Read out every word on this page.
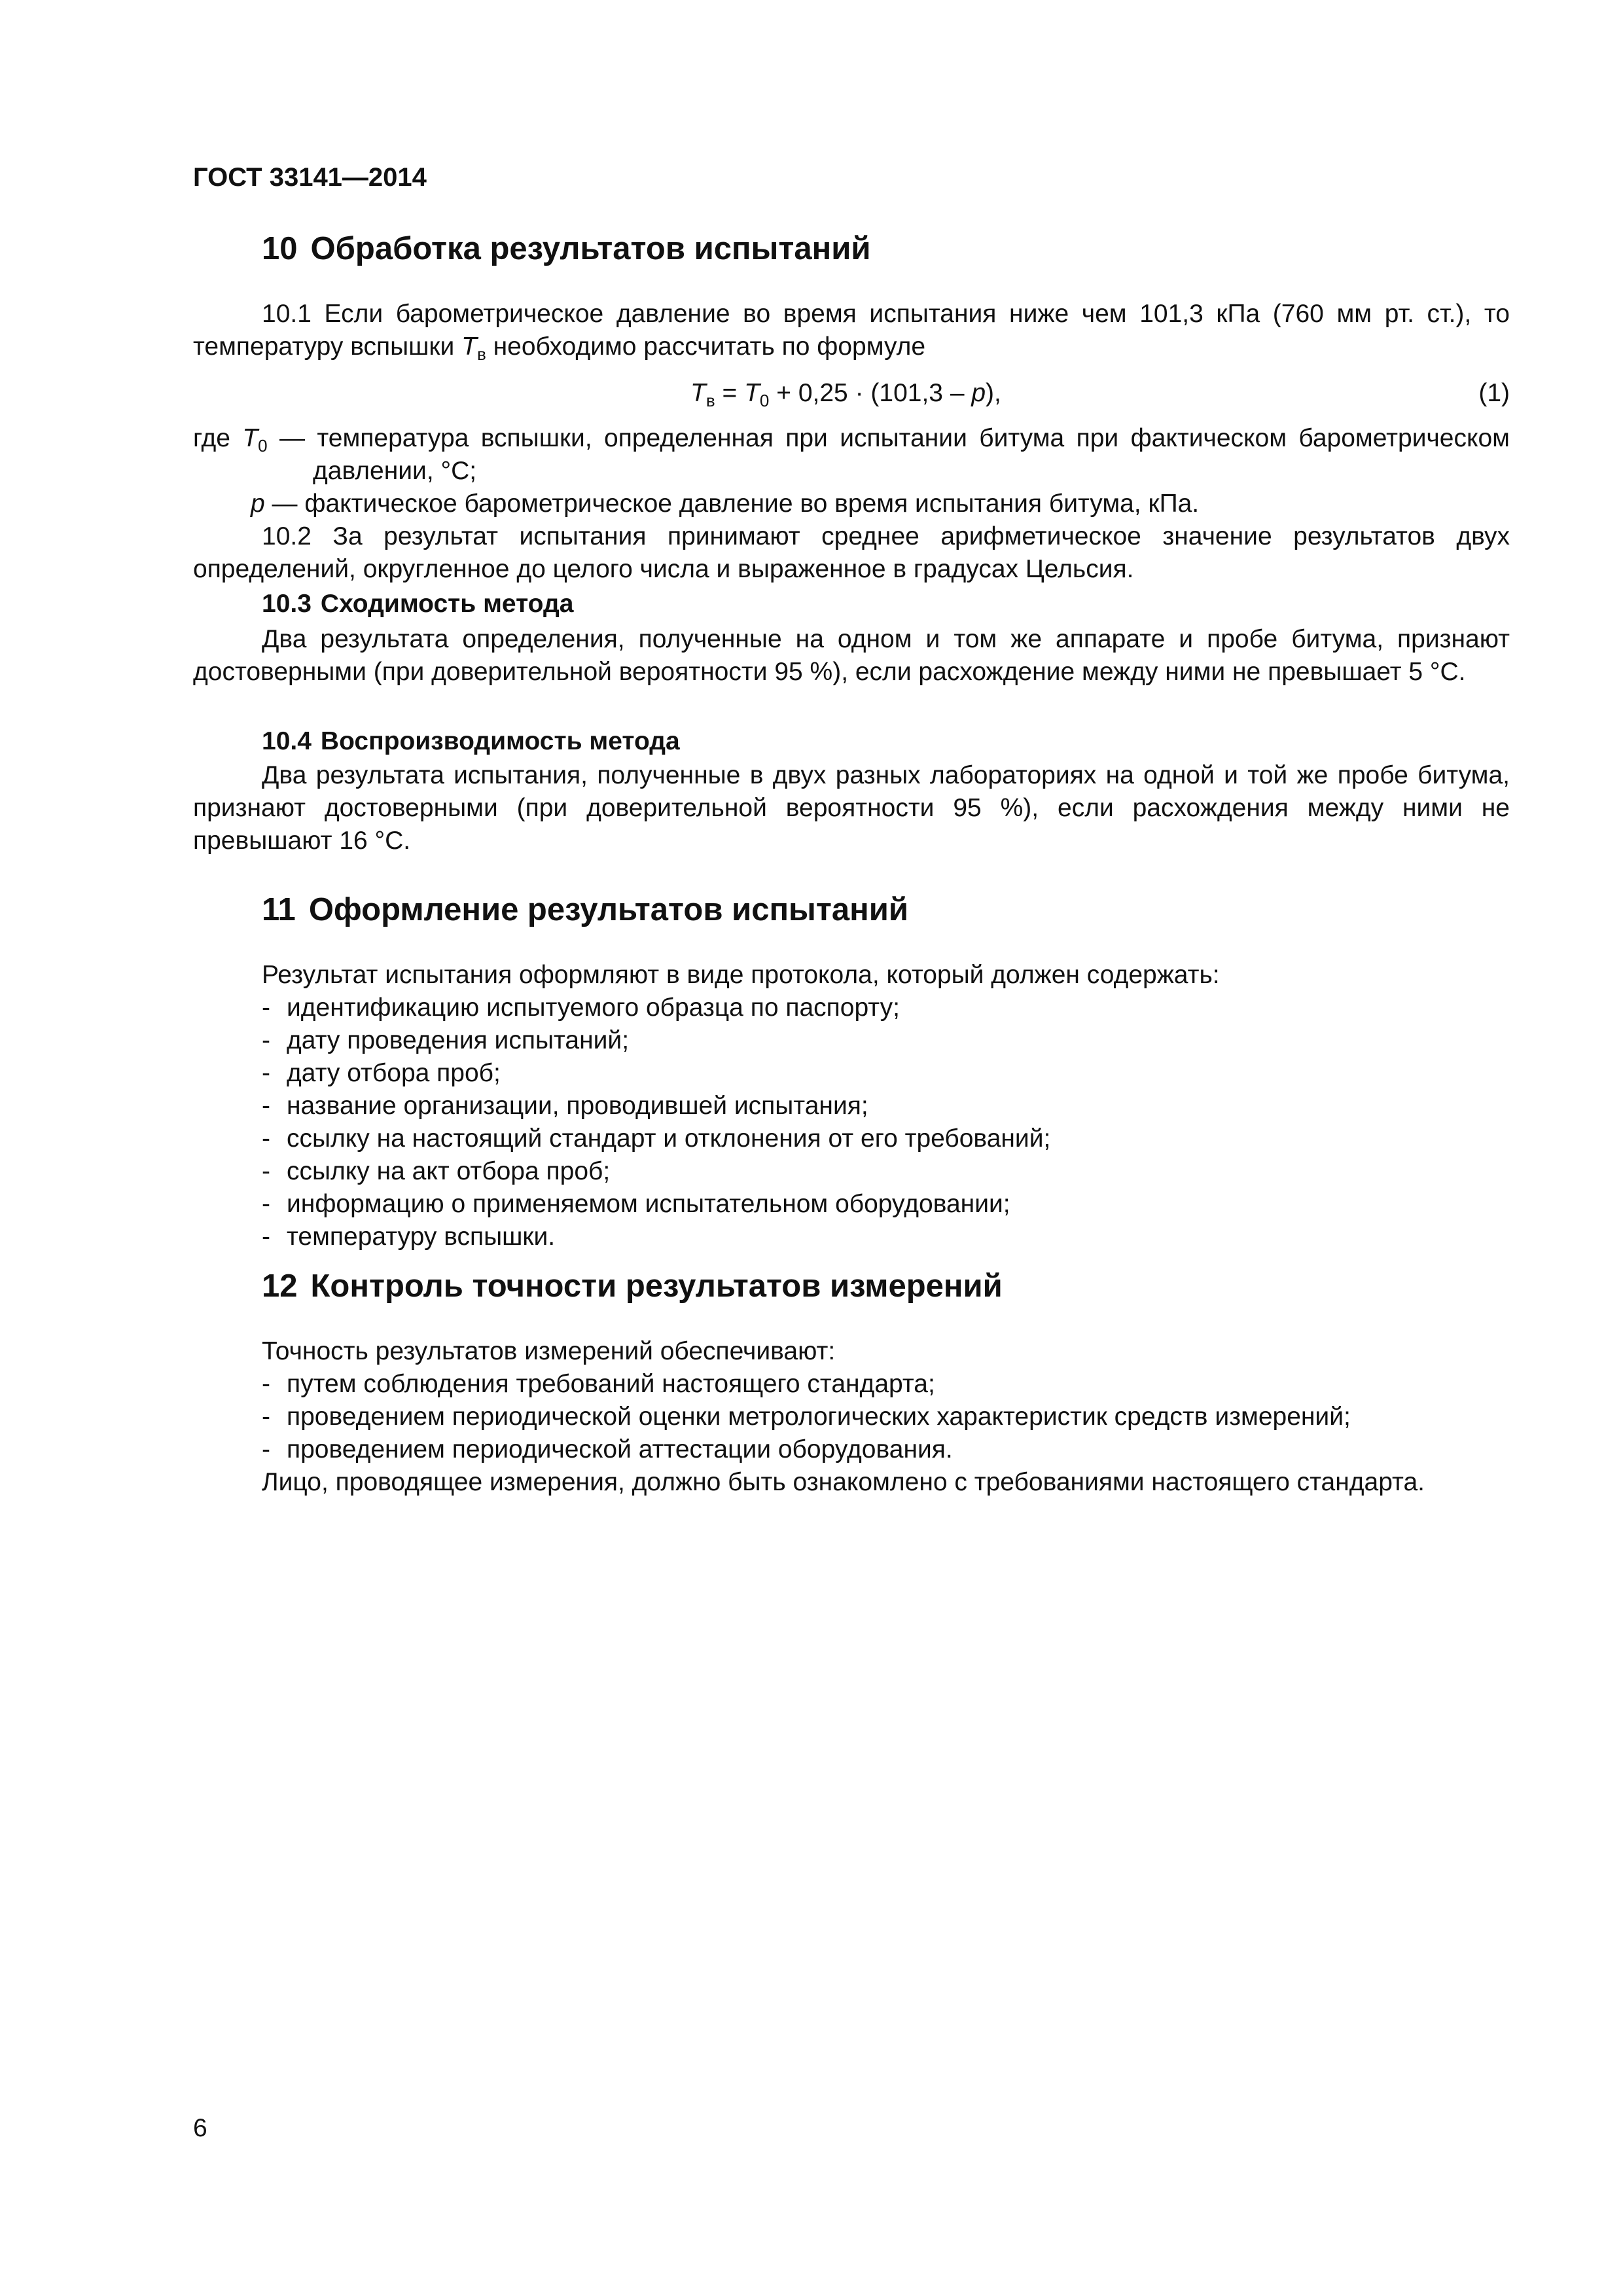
ГОСТ 33141—2014
10 Обработка результатов испытаний

10.1 Если барометрическое давление во время испытания ниже чем 101,3 кПа (760 мм рт. ст.), то температуру вспышки $T_в$ необходимо рассчитать по формуле

$T_в = T_0 + 0,25 \cdot (101,3 - p)$,	(1)
где $T_0$ — температура вспышки, определенная при испытании битума при фактическом барометрическом давлении, °C;
p — фактическое барометрическое давление во время испытания битума, кПа.

10.2 За результат испытания принимают среднее арифметическое значение результатов двух определений, округленное до целого числа и выраженное в градусах Цельсия.

10.3 Сходимость метода

Два результата определения, полученные на одном и том же аппарате и пробе битума, признают достоверными (при доверительной вероятности 95 %), если расхождение между ними не превышает 5 °C.

10.4 Воспроизводимость метода

Два результата испытания, полученные в двух разных лабораториях на одной и той же пробе битума, признают достоверными (при доверительной вероятности 95 %), если расхождения между ними не превышают 16 °C.

11 Оформление результатов испытаний
Результат испытания оформляют в виде протокола, который должен содержать:
- идентификацию испытуемого образца по паспорту;
- дату проведения испытаний;
- дату отбора проб;
- название организации, проводившей испытания;
- ссылку на настоящий стандарт и отклонения от его требований;
- ссылку на акт отбора проб;
- информацию о применяемом испытательном оборудовании;
- температуру вспышки.
12 Контроль точности результатов измерений
Точность результатов измерений обеспечивают:
- путем соблюдения требований настоящего стандарта;
- проведением периодической оценки метрологических характеристик средств измерений;
- проведением периодической аттестации оборудования.
Лицо, проводящее измерения, должно быть ознакомлено с требованиями настоящего стандарта.
6
